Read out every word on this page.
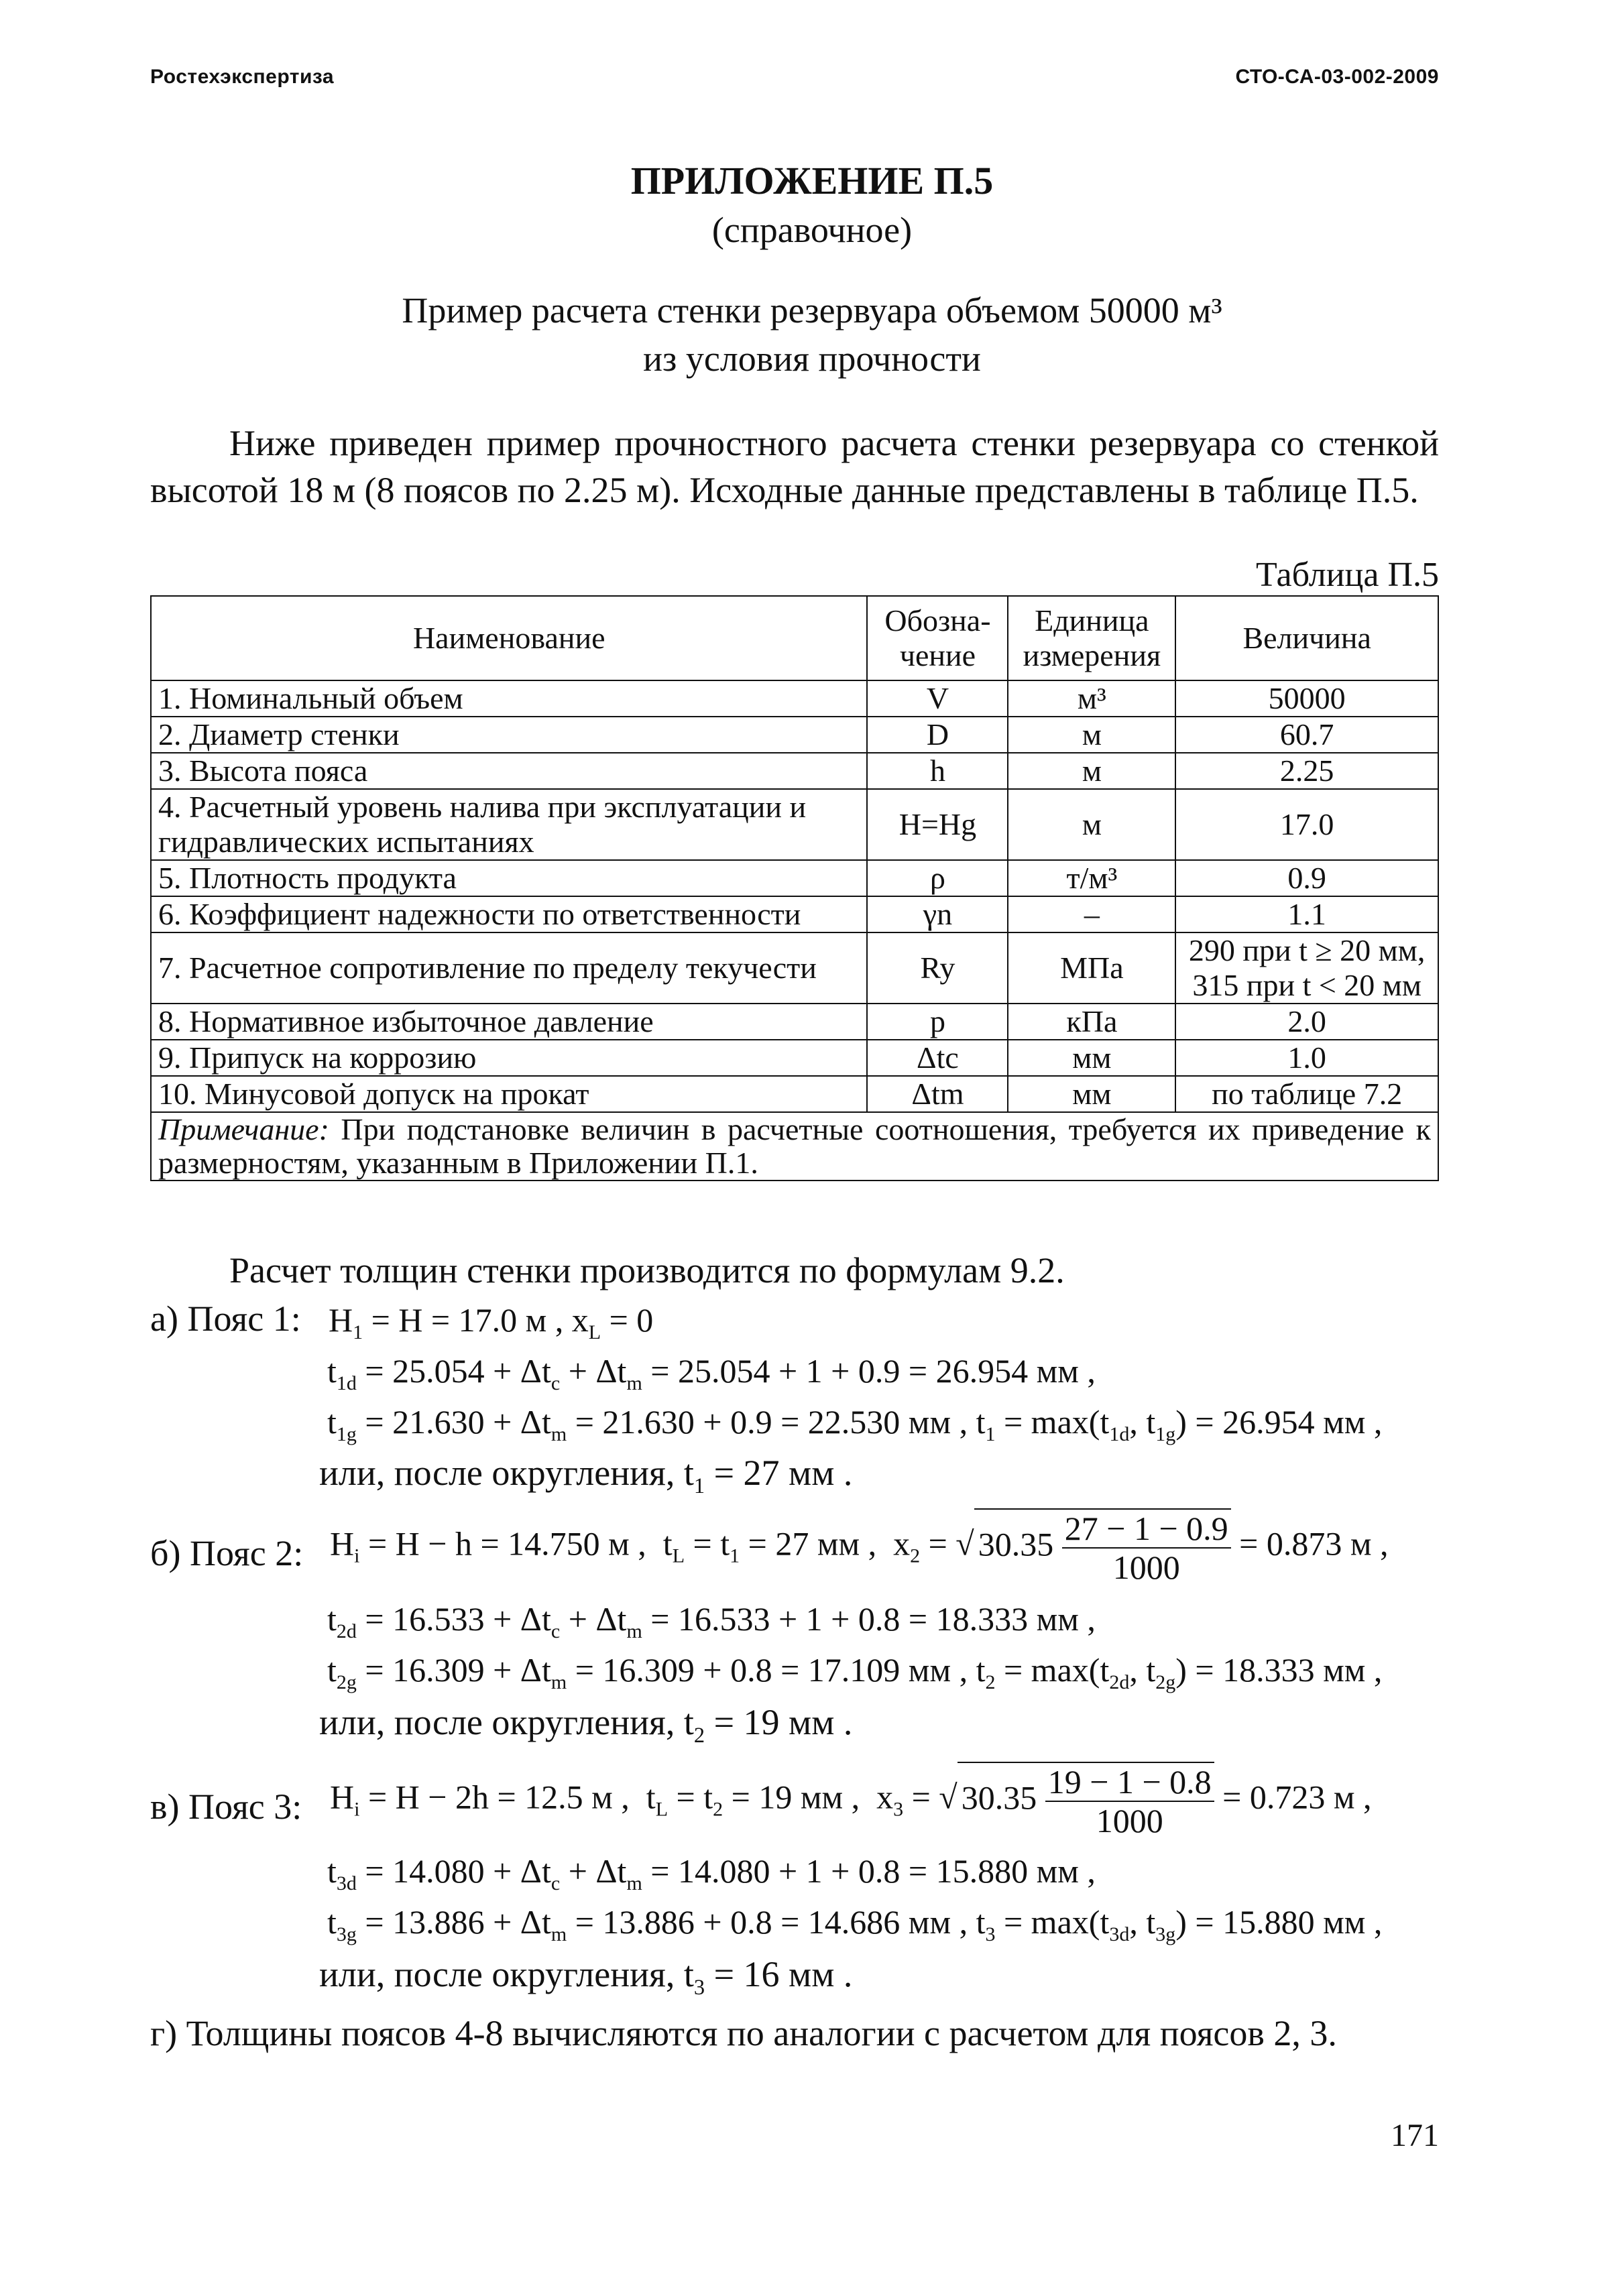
Ростехэкспертиза	СТО-СА-03-002-2009
ПРИЛОЖЕНИЕ П.5
(справочное)
Пример расчета стенки резервуара объемом 50000 м³
из условия прочности
Ниже приведен пример прочностного расчета стенки резервуара со стенкой высотой 18 м (8 поясов по 2.25 м). Исходные данные представлены в таблице П.5.
Таблица П.5
Наименование	Обозна-чение	Единица измерения	Величина
1. Номинальный объем	V	м³	50000
2. Диаметр стенки	D	м	60.7
3. Высота пояса	h	м	2.25
4. Расчетный уровень налива при эксплуатации и гидравлических испытаниях	H=Hg	м	17.0
5. Плотность продукта	ρ	т/м³	0.9
6. Коэффициент надежности по ответственности	γn	–	1.1
7. Расчетное сопротивление по пределу текучести	Ry	МПа	290 при t ≥ 20 мм, 315 при t < 20 мм
8. Нормативное избыточное давление	p	кПа	2.0
9. Припуск на коррозию	Δtc	мм	1.0
10. Минусовой допуск на прокат	Δtm	мм	по таблице 7.2
Примечание: При подстановке величин в расчетные соотношения, требуется их приведение к размерностям, указанным в Приложении П.1.			
Расчет толщин стенки производится по формулам 9.2.
а) Пояс 1: $H_1 = H = 17.0$ м , $x_L = 0$
$t_{1d} = 25.054 + \Delta t_c + \Delta t_m = 25.054 + 1 + 0.9 = 26.954$ мм ,
$t_{1g} = 21.630 + \Delta t_m = 21.630 + 0.9 = 22.530$ мм , $t_1 = \max(t_{1d}$, $t_{1g}) = 26.954$ мм ,
или, после округления, $t_1 = 27$ мм .
б) Пояс 2: $H_i = H - h = 14.750$ м ,  $t_L = t_1 = 27$ мм ,  $x_2$ = √ $30.35 \frac{27 - 1 - 0.9}{1000} = 0.873$ м ,
$t_{2d} = 16.533 + \Delta t_c + \Delta t_m = 16.533 + 1 + 0.8 = 18.333$ мм ,
$t_{2g} = 16.309 + \Delta t_m = 16.309 + 0.8 = 17.109$ мм , $t_2 = \max(t_{2d}$, $t_{2g}) = 18.333$ мм ,
или, после округления, $t_2 = 19$ мм .
в) Пояс 3: $H_i = H - 2h = 12.5$ м ,  $t_L = t_2 = 19$ мм ,  $x_3$ = √ $30.35 \frac{19 - 1 - 0.8}{1000} = 0.723$ м ,
$t_{3d} = 14.080 + \Delta t_c + \Delta t_m = 14.080 + 1 + 0.8 = 15.880$ мм ,
$t_{3g} = 13.886 + \Delta t_m = 13.886 + 0.8 = 14.686$ мм , $t_3 = \max(t_{3d}$, $t_{3g}) = 15.880$ мм ,
или, после округления, $t_3 = 16$ мм .
г) Толщины поясов 4-8 вычисляются по аналогии с расчетом для поясов 2, 3.
171
